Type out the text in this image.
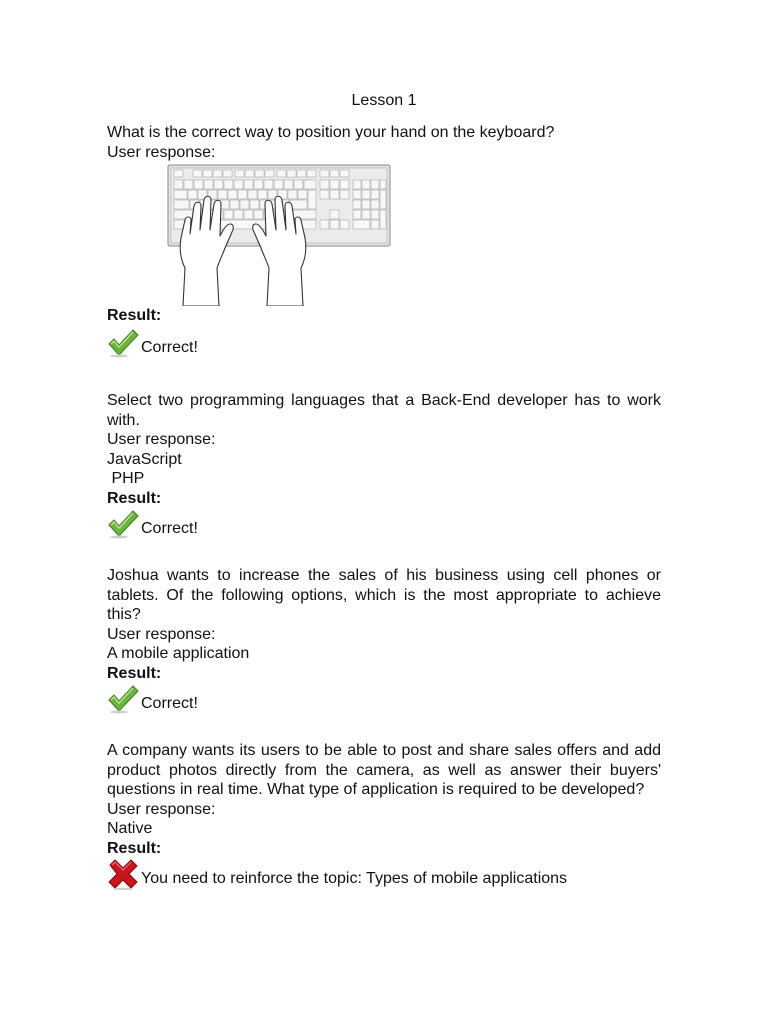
Lesson 1
What is the correct way to position your hand on the keyboard?
User response:
Result:
Correct!
Select two programming languages that a Back-End developer has to work with.
User response:
JavaScript
PHP
Result:
Correct!
Joshua wants to increase the sales of his business using cell phones or tablets. Of the following options, which is the most appropriate to achieve this?
User response:
A mobile application
Result:
Correct!
A company wants its users to be able to post and share sales offers and add product photos directly from the camera, as well as answer their buyers' questions in real time. What type of application is required to be developed?
User response:
Native
Result:
You need to reinforce the topic: Types of mobile applications
